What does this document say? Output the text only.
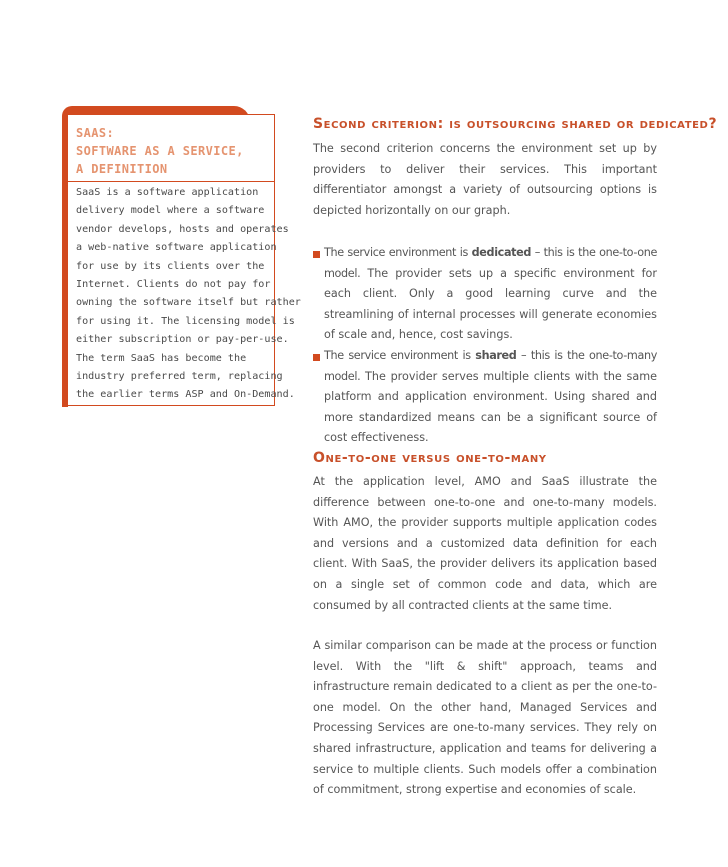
SAAS:
SOFTWARE AS A SERVICE,
A DEFINITION

SaaS is a software application
delivery model where a software
vendor develops, hosts and operates
a web-native software application
for use by its clients over the
Internet. Clients do not pay for
owning the software itself but rather
for using it. The licensing model is
either subscription or pay-per-use.
The term SaaS has become the
industry preferred term, replacing
the earlier terms ASP and On-Demand.

Second criterion: is outsourcing shared or dedicated?

The second criterion concerns the environment set up by providers to deliver their services. This important differentiator amongst a variety of outsourcing options is depicted horizontally on our graph.

The service environment is dedicated – this is the one-to-one model. The provider sets up a specific environment for each client. Only a good learning curve and the streamlining of internal processes will generate economies of scale and, hence, cost savings.
The service environment is shared – this is the one-to-many model. The provider serves multiple clients with the same platform and application environment. Using shared and more standardized means can be a significant source of cost effectiveness.
One-to-one versus one-to-many

At the application level, AMO and SaaS illustrate the difference between one-to-one and one-to-many models. With AMO, the provider supports multiple application codes and versions and a customized data definition for each client. With SaaS, the provider delivers its application based on a single set of common code and data, which are consumed by all contracted clients at the same time.

A similar comparison can be made at the process or function level. With the "lift & shift" approach, teams and infrastructure remain dedicated to a client as per the one-to-one model. On the other hand, Managed Services and Processing Services are one-to-many services. They rely on shared infrastructure, application and teams for delivering a service to multiple clients. Such models offer a combination of commitment, strong expertise and economies of scale.
